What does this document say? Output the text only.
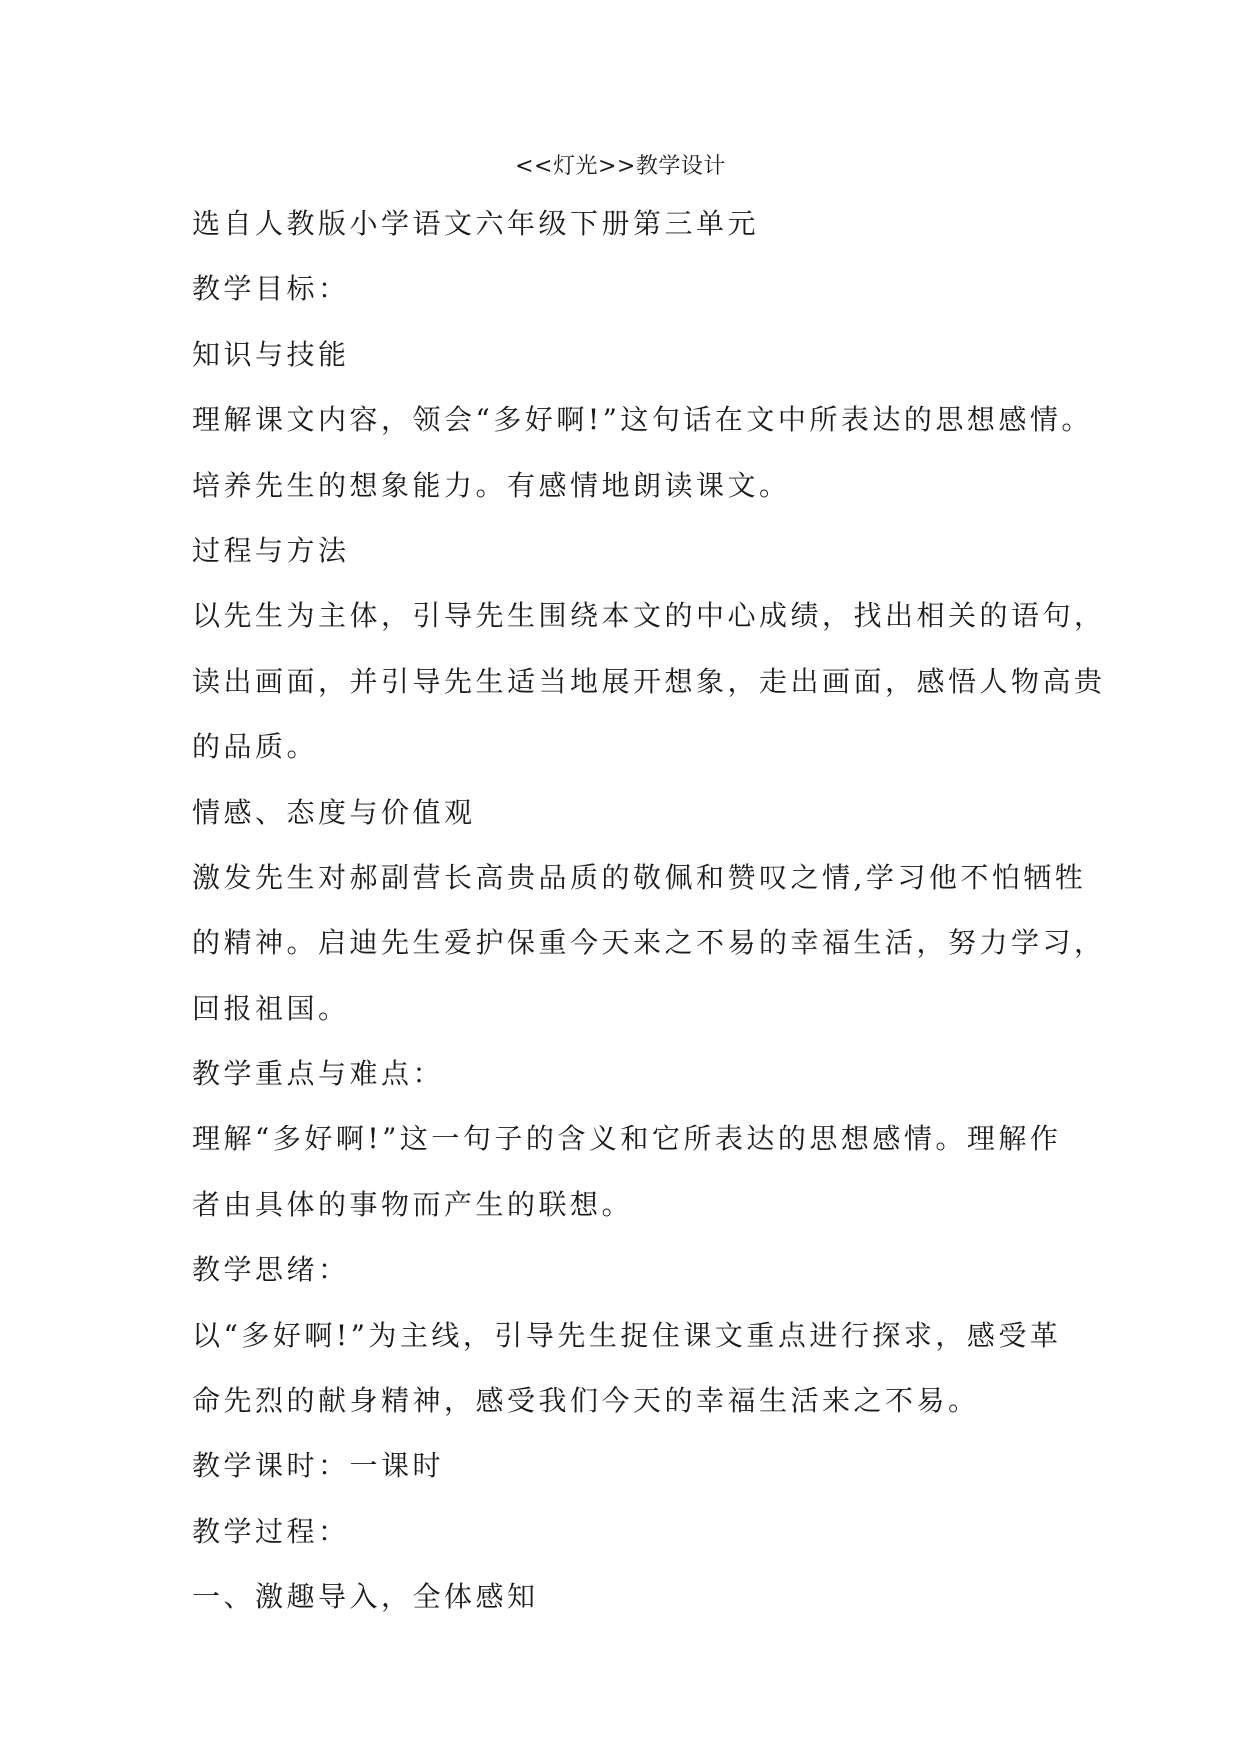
<<灯光>>教学设计
选自人教版小学语文六年级下册第三单元
教学目标：
知识与技能
理解课文内容，领会“多好啊!”这句话在文中所表达的思想感情。
培养先生的想象能力。有感情地朗读课文。
过程与方法
以先生为主体，引导先生围绕本文的中心成绩，找出相关的语句，
读出画面，并引导先生适当地展开想象，走出画面，感悟人物高贵
的品质。
情感、态度与价值观
激发先生对郝副营长高贵品质的敬佩和赞叹之情,学习他不怕牺牲
的精神。启迪先生爱护保重今天来之不易的幸福生活，努力学习，
回报祖国。
教学重点与难点：
理解“多好啊!”这一句子的含义和它所表达的思想感情。理解作
者由具体的事物而产生的联想。
教学思绪：
以“多好啊!”为主线，引导先生捉住课文重点进行探求，感受革
命先烈的献身精神，感受我们今天的幸福生活来之不易。
教学课时：一课时
教学过程：
一、激趣导入，全体感知
